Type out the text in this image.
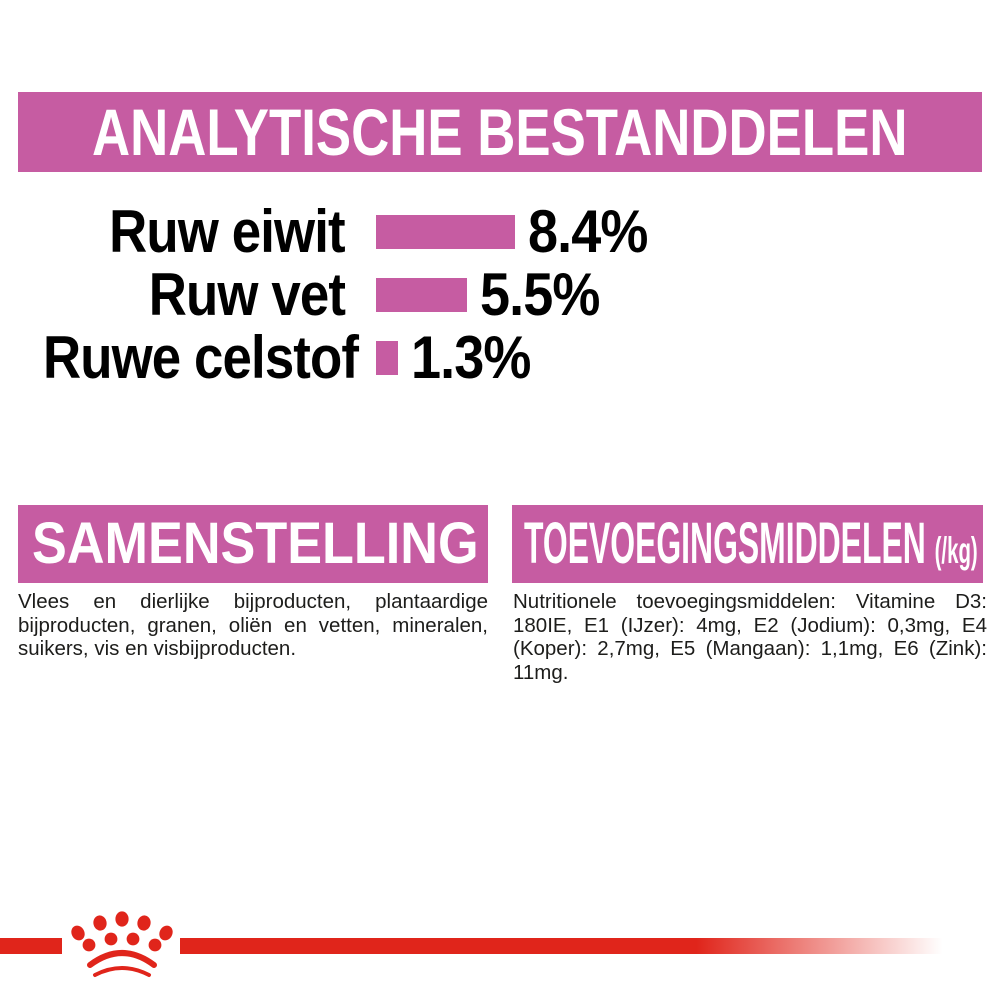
ANALYTISCHE BESTANDDELEN
Ruw eiwit	8.4%
Ruw vet 5.5%
Ruwe celstof 1.3%
SAMENSTELLING

Vlees en dierlijke bijproducten, plantaardige bijproducten, granen, oliën en vetten, mineralen, suikers, vis en visbijproducten.

TOEVOEGINGSMIDDELEN (/kg)

Nutritionele toevoegingsmiddelen: Vitamine D3: 180IE, E1 (IJzer): 4mg, E2 (Jodium): 0,3mg, E4 (Koper): 2,7mg, E5 (Mangaan): 1,1mg, E6 (Zink): 11mg.
